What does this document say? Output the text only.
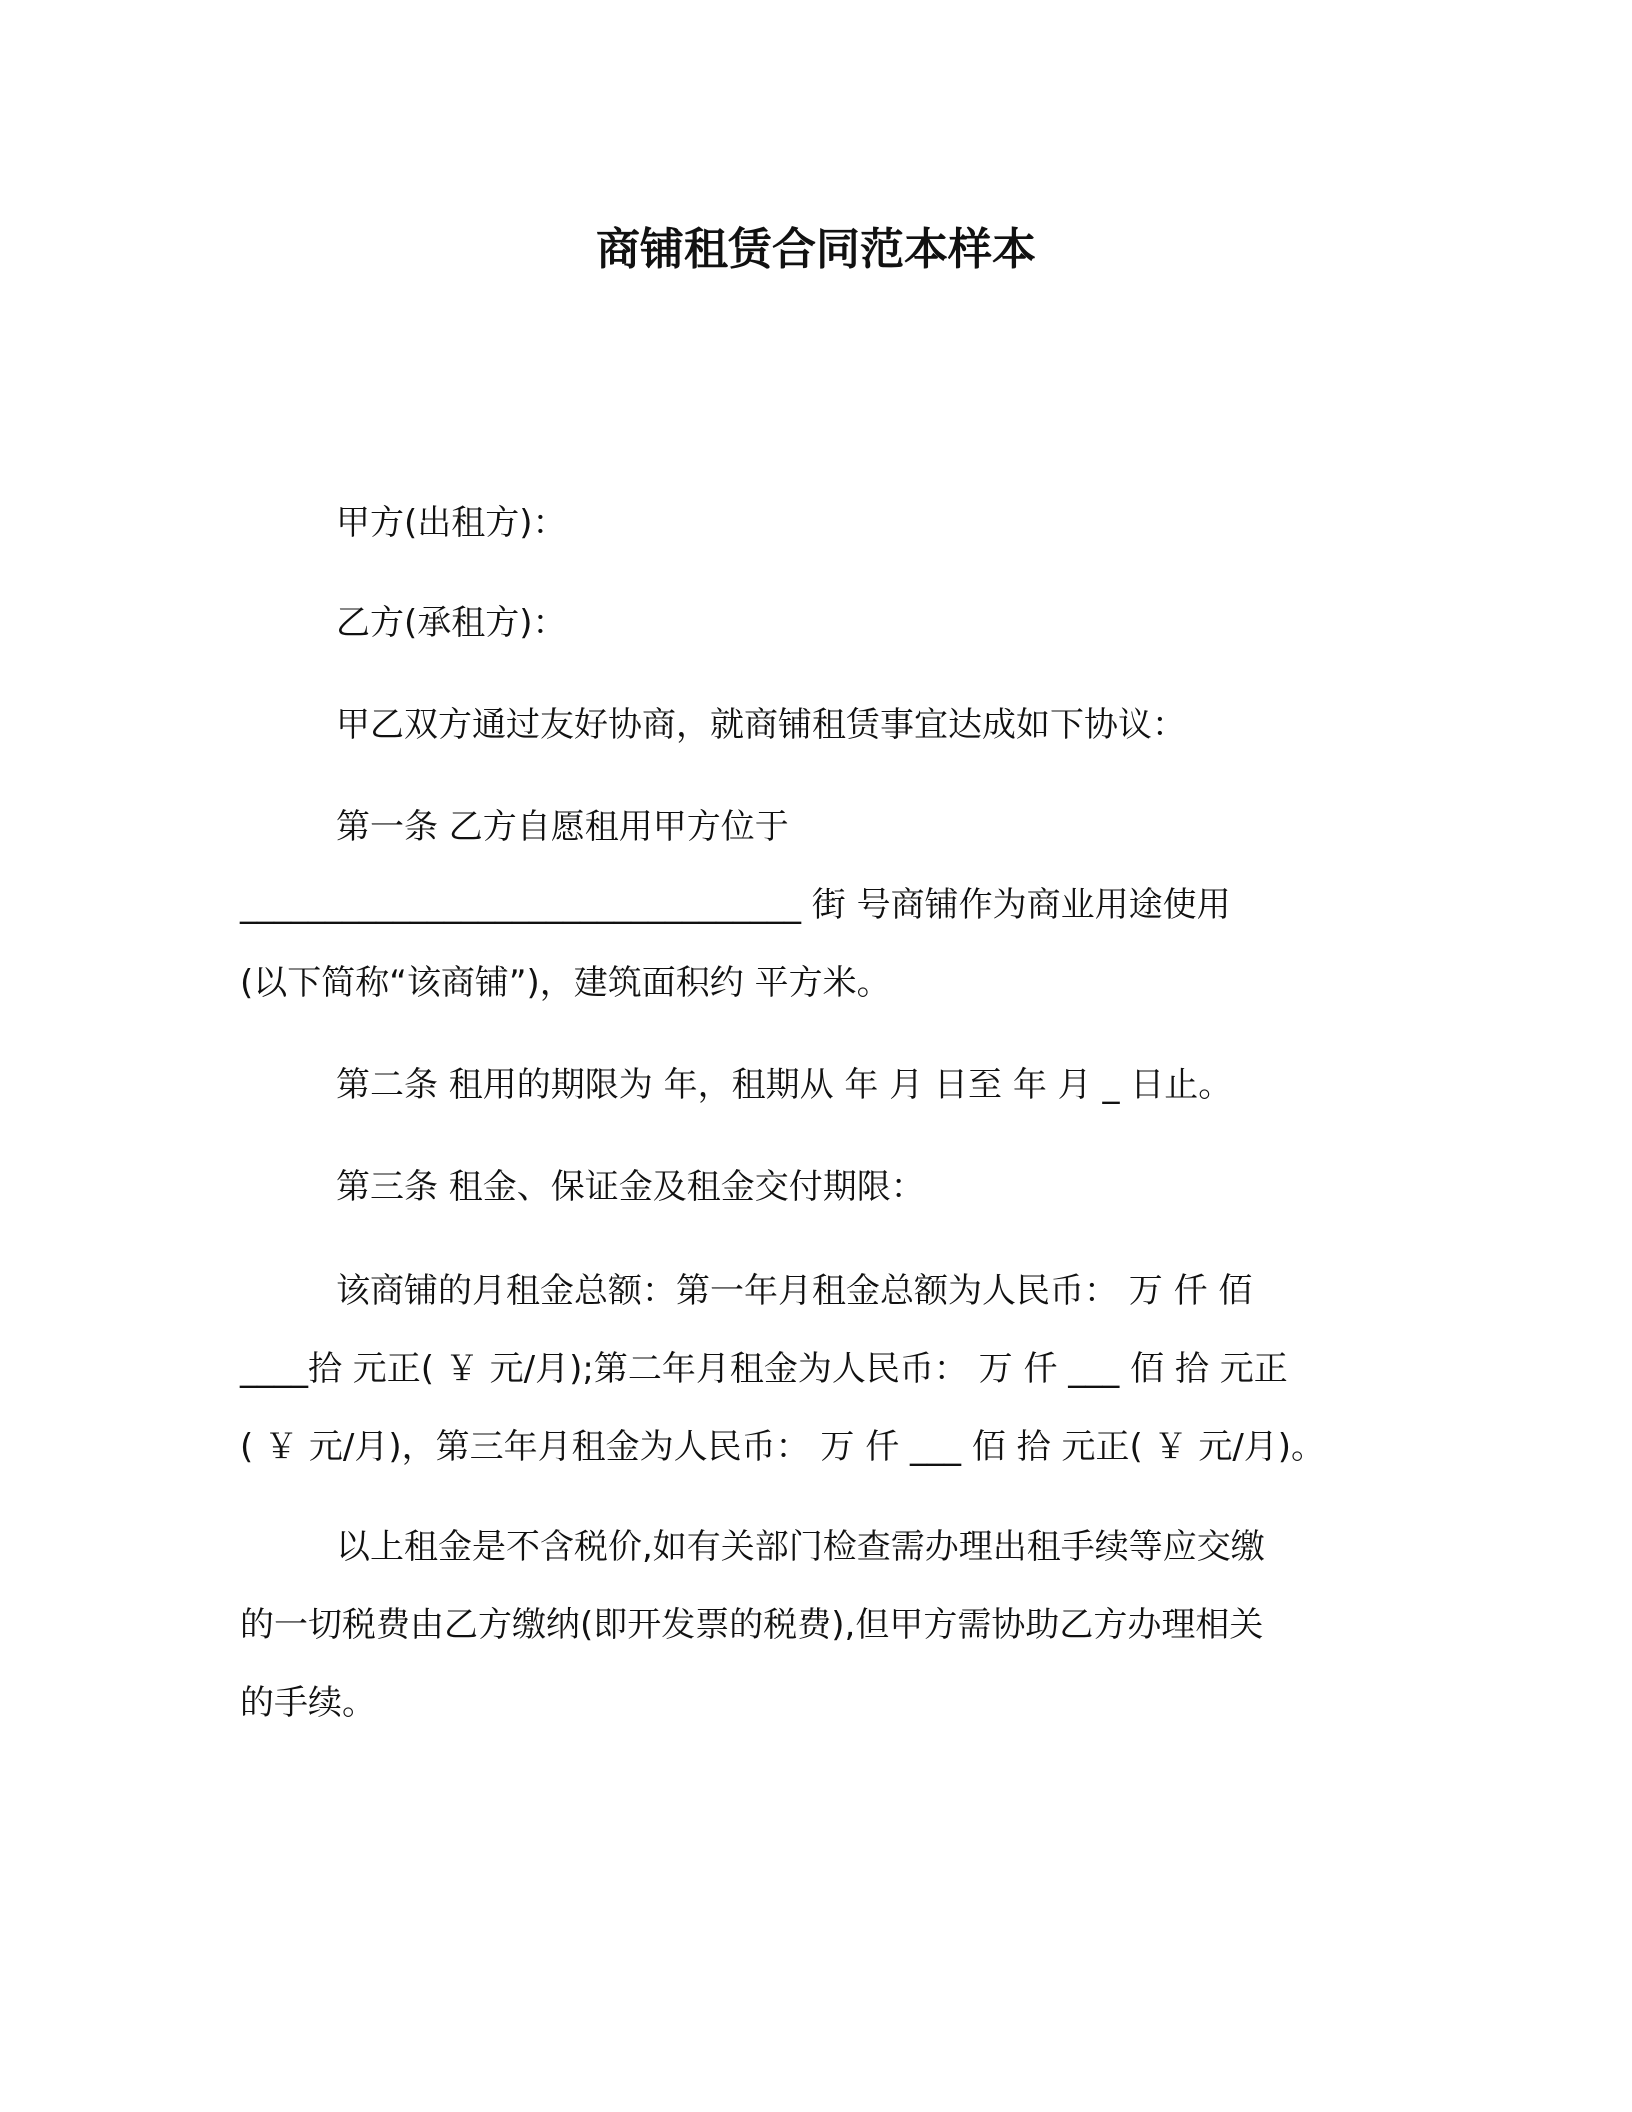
商铺租赁合同范本样本

甲方(出租方)：

乙方(承租方)：

甲乙双方通过友好协商，就商铺租赁事宜达成如下协议：

第一条 乙方自愿租用甲方位于
_________________________________ 街 号商铺作为商业用途使用
(以下简称“该商铺”)，建筑面积约 平方米。

第二条 租用的期限为 年，租期从 年 月 日至 年 月 _ 日止。

第三条 租金、保证金及租金交付期限：

该商铺的月租金总额：第一年月租金总额为人民币： 万 仟 佰
____拾 元正( ￥ 元/月);第二年月租金为人民币： 万 仟 ___ 佰 拾 元正
( ￥ 元/月)，第三年月租金为人民币： 万 仟 ___ 佰 拾 元正( ￥ 元/月)。

以上租金是不含税价,如有关部门检查需办理出租手续等应交缴
的一切税费由乙方缴纳(即开发票的税费),但甲方需协助乙方办理相关
的手续。
